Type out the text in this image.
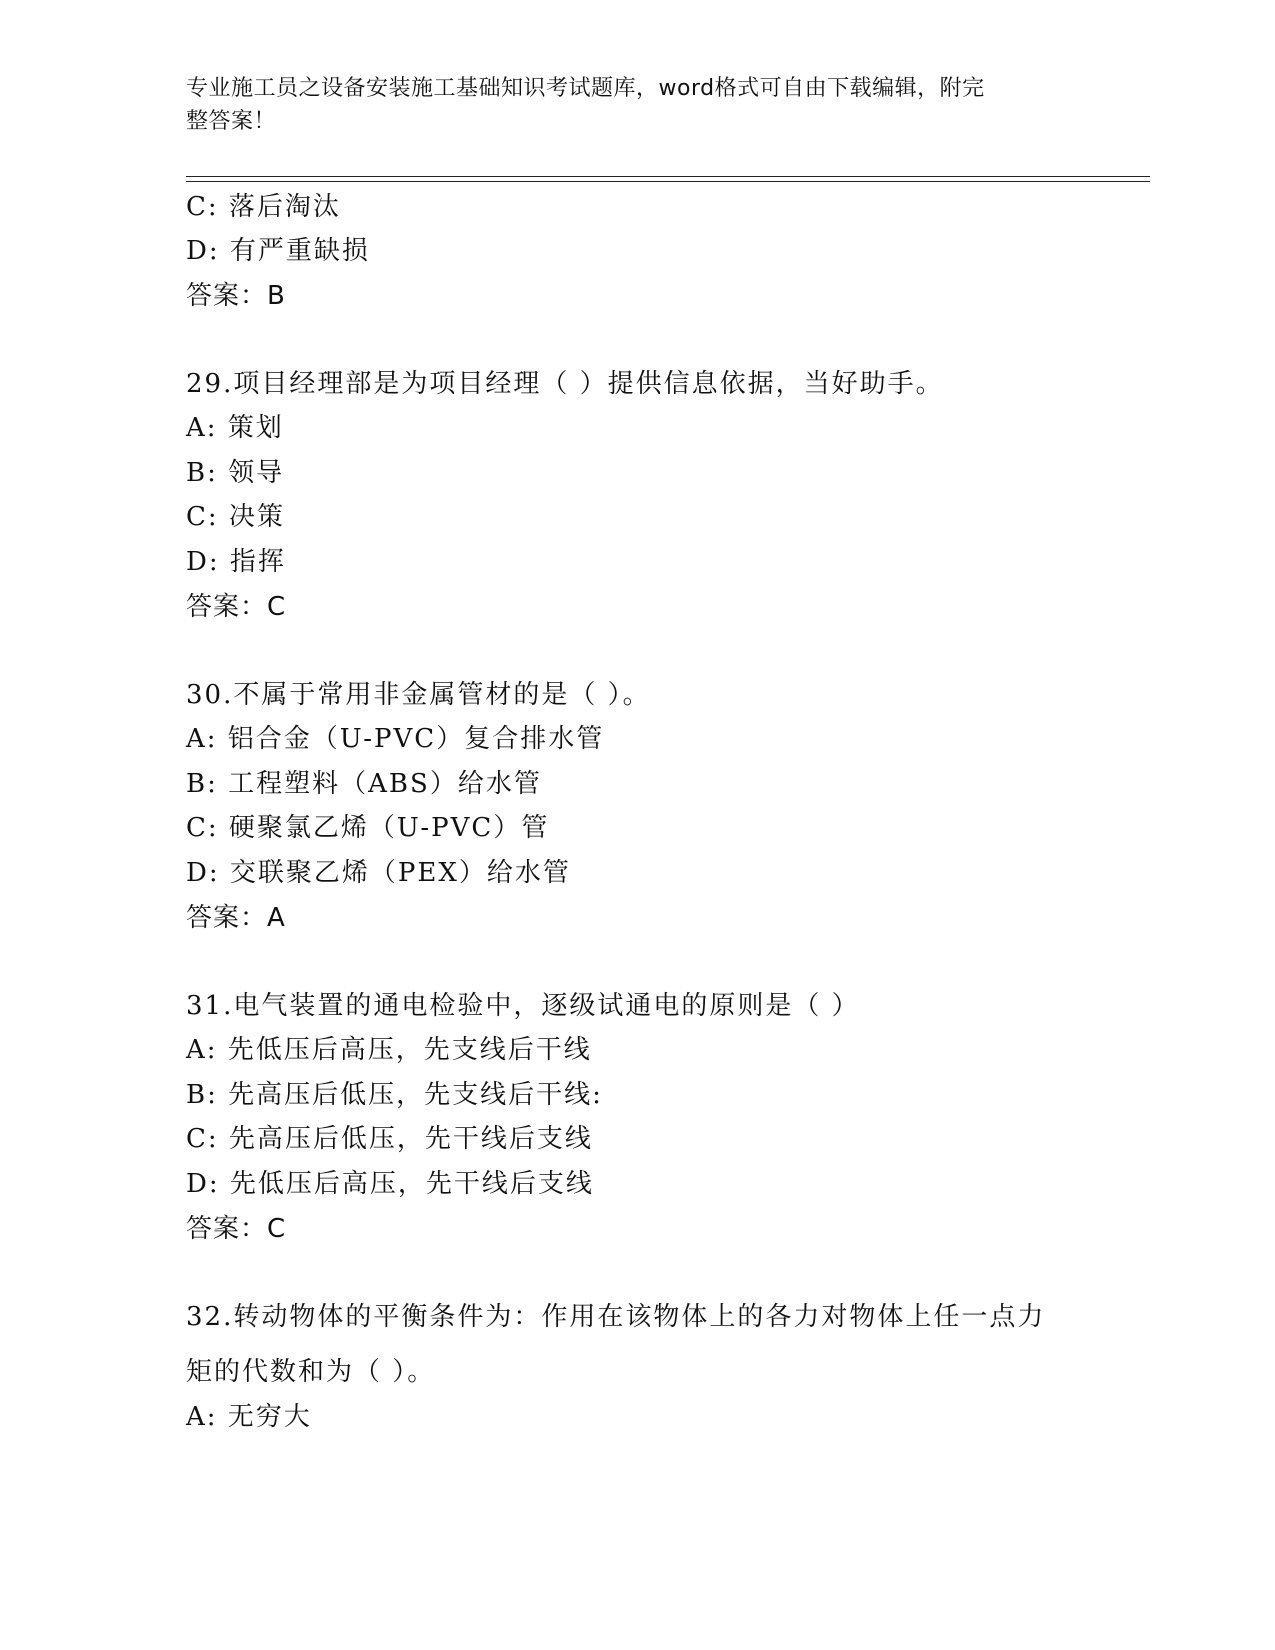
专业施工员之设备安装施工基础知识考试题库，word格式可自由下载编辑，附完
整答案！
C: 落后淘汰
D: 有严重缺损
答案：B
29.项目经理部是为项目经理（ ）提供信息依据，当好助手。
A: 策划
B: 领导
C: 决策
D: 指挥
答案：C
30.不属于常用非金属管材的是（ ）。
A: 铝合金（U-PVC）复合排水管
B: 工程塑料（ABS）给水管
C: 硬聚氯乙烯（U-PVC）管
D: 交联聚乙烯（PEX）给水管
答案：A
31.电气装置的通电检验中，逐级试通电的原则是（ ）
A: 先低压后高压，先支线后干线
B: 先高压后低压，先支线后干线:
C: 先高压后低压，先干线后支线
D: 先低压后高压，先干线后支线
答案：C
32.转动物体的平衡条件为：作用在该物体上的各力对物体上任一点力
矩的代数和为（ ）。
A: 无穷大
